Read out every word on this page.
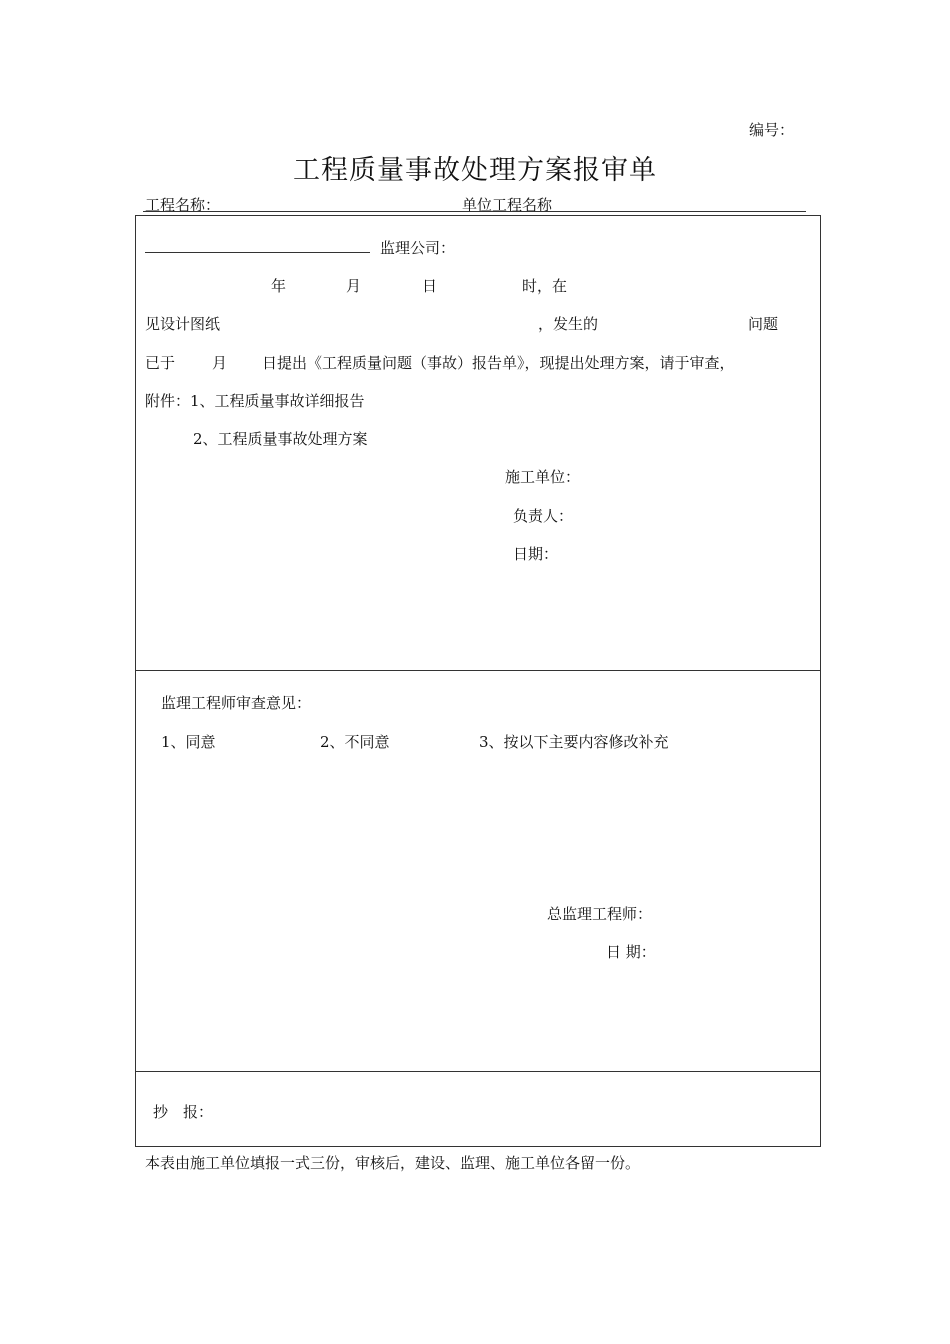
编号：
工程质量事故处理方案报审单
工程名称：	单位工程名称
监理公司：
年	月	日	时，在
见设计图纸	，发生的	问题
已于 月 日提出《工程质量问题（事故）报告单》，现提出处理方案，请于审查，
附件：1、工程质量事故详细报告
2、工程质量事故处理方案
施工单位：
负责人：
日期：
监理工程师审查意见：
1、同意	2、不同意	3、按以下主要内容修改补充
总监理工程师：
日 期：
抄　报：
本表由施工单位填报一式三份，审核后，建设、监理、施工单位各留一份。
